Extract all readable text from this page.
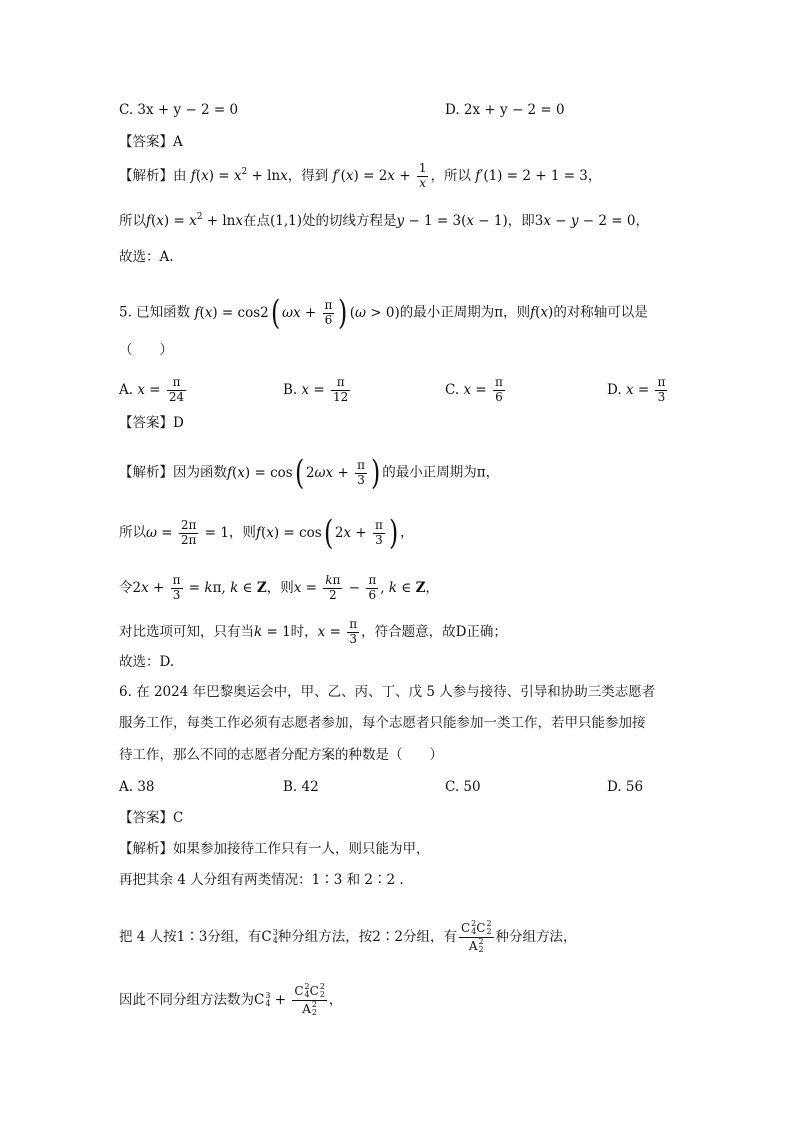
C. 3x + y − 2 = 0	D. 2x + y − 2 = 0
【答案】A
【解析】由 $f(x) = x^2 + \ln x$，得到 $f'(x) = 2x + \frac{1}{x}$ ，所以 f′(1) = 2 + 1 = 3，
所以$f(x) = x^2 + \ln x$在点(1,1)处的切线方程是y − 1 = 3(x − 1)，即3x − y − 2 = 0，
故选：A.
5. 已知函数 f(x) = cos2( $\omega x + \frac{\pi}{6}$ ) (ω > 0)的最小正周期为π，则f(x)的对称轴可以是
（　　）
A. $x = \frac{\pi}{24}$	B. $x = \frac{\pi}{12}$	C. $x = \frac{\pi}{6}$	D. $x = \frac{\pi}{3}$
【答案】D
【解析】因为函数f(x) = cos( $2\omega x + \frac{\pi}{3}$ ) 的最小正周期为π，
所以$\omega = \frac{2\pi}{2\pi} = 1$，则f(x) = cos( $2x + \frac{\pi}{3}$ ) ，
令$2x + \frac{\pi}{3} = k\pi$, k ∈ Z，则$x = \frac{k\pi}{2} - \frac{\pi}{6}$ , k ∈ Z，
对比选项可知，只有当k = 1时，$x = \frac{\pi}{3}$ ，符合题意，故D正确；
故选：D.
6. 在 2024 年巴黎奥运会中，甲、乙、丙、丁、戊 5 人参与接待、引导和协助三类志愿者
服务工作，每类工作必须有志愿者参加，每个志愿者只能参加一类工作，若甲只能参加接
待工作，那么不同的志愿者分配方案的种数是（　　）
A. 38	B. 42	C. 50	D. 56
【答案】C
【解析】如果参加接待工作只有一人，则只能为甲，
再把其余 4 人分组有两类情况：1∶3 和 2∶2 .
把 4 人按1∶3分组，有C 3
4 种分组方法，按2∶2分组，有 C 2
4 C 2
2
A 2
2 种分组方法，
因此不同分组方法数为C 3
4 + C 2
4 C 2
2
A 2
2 ，
